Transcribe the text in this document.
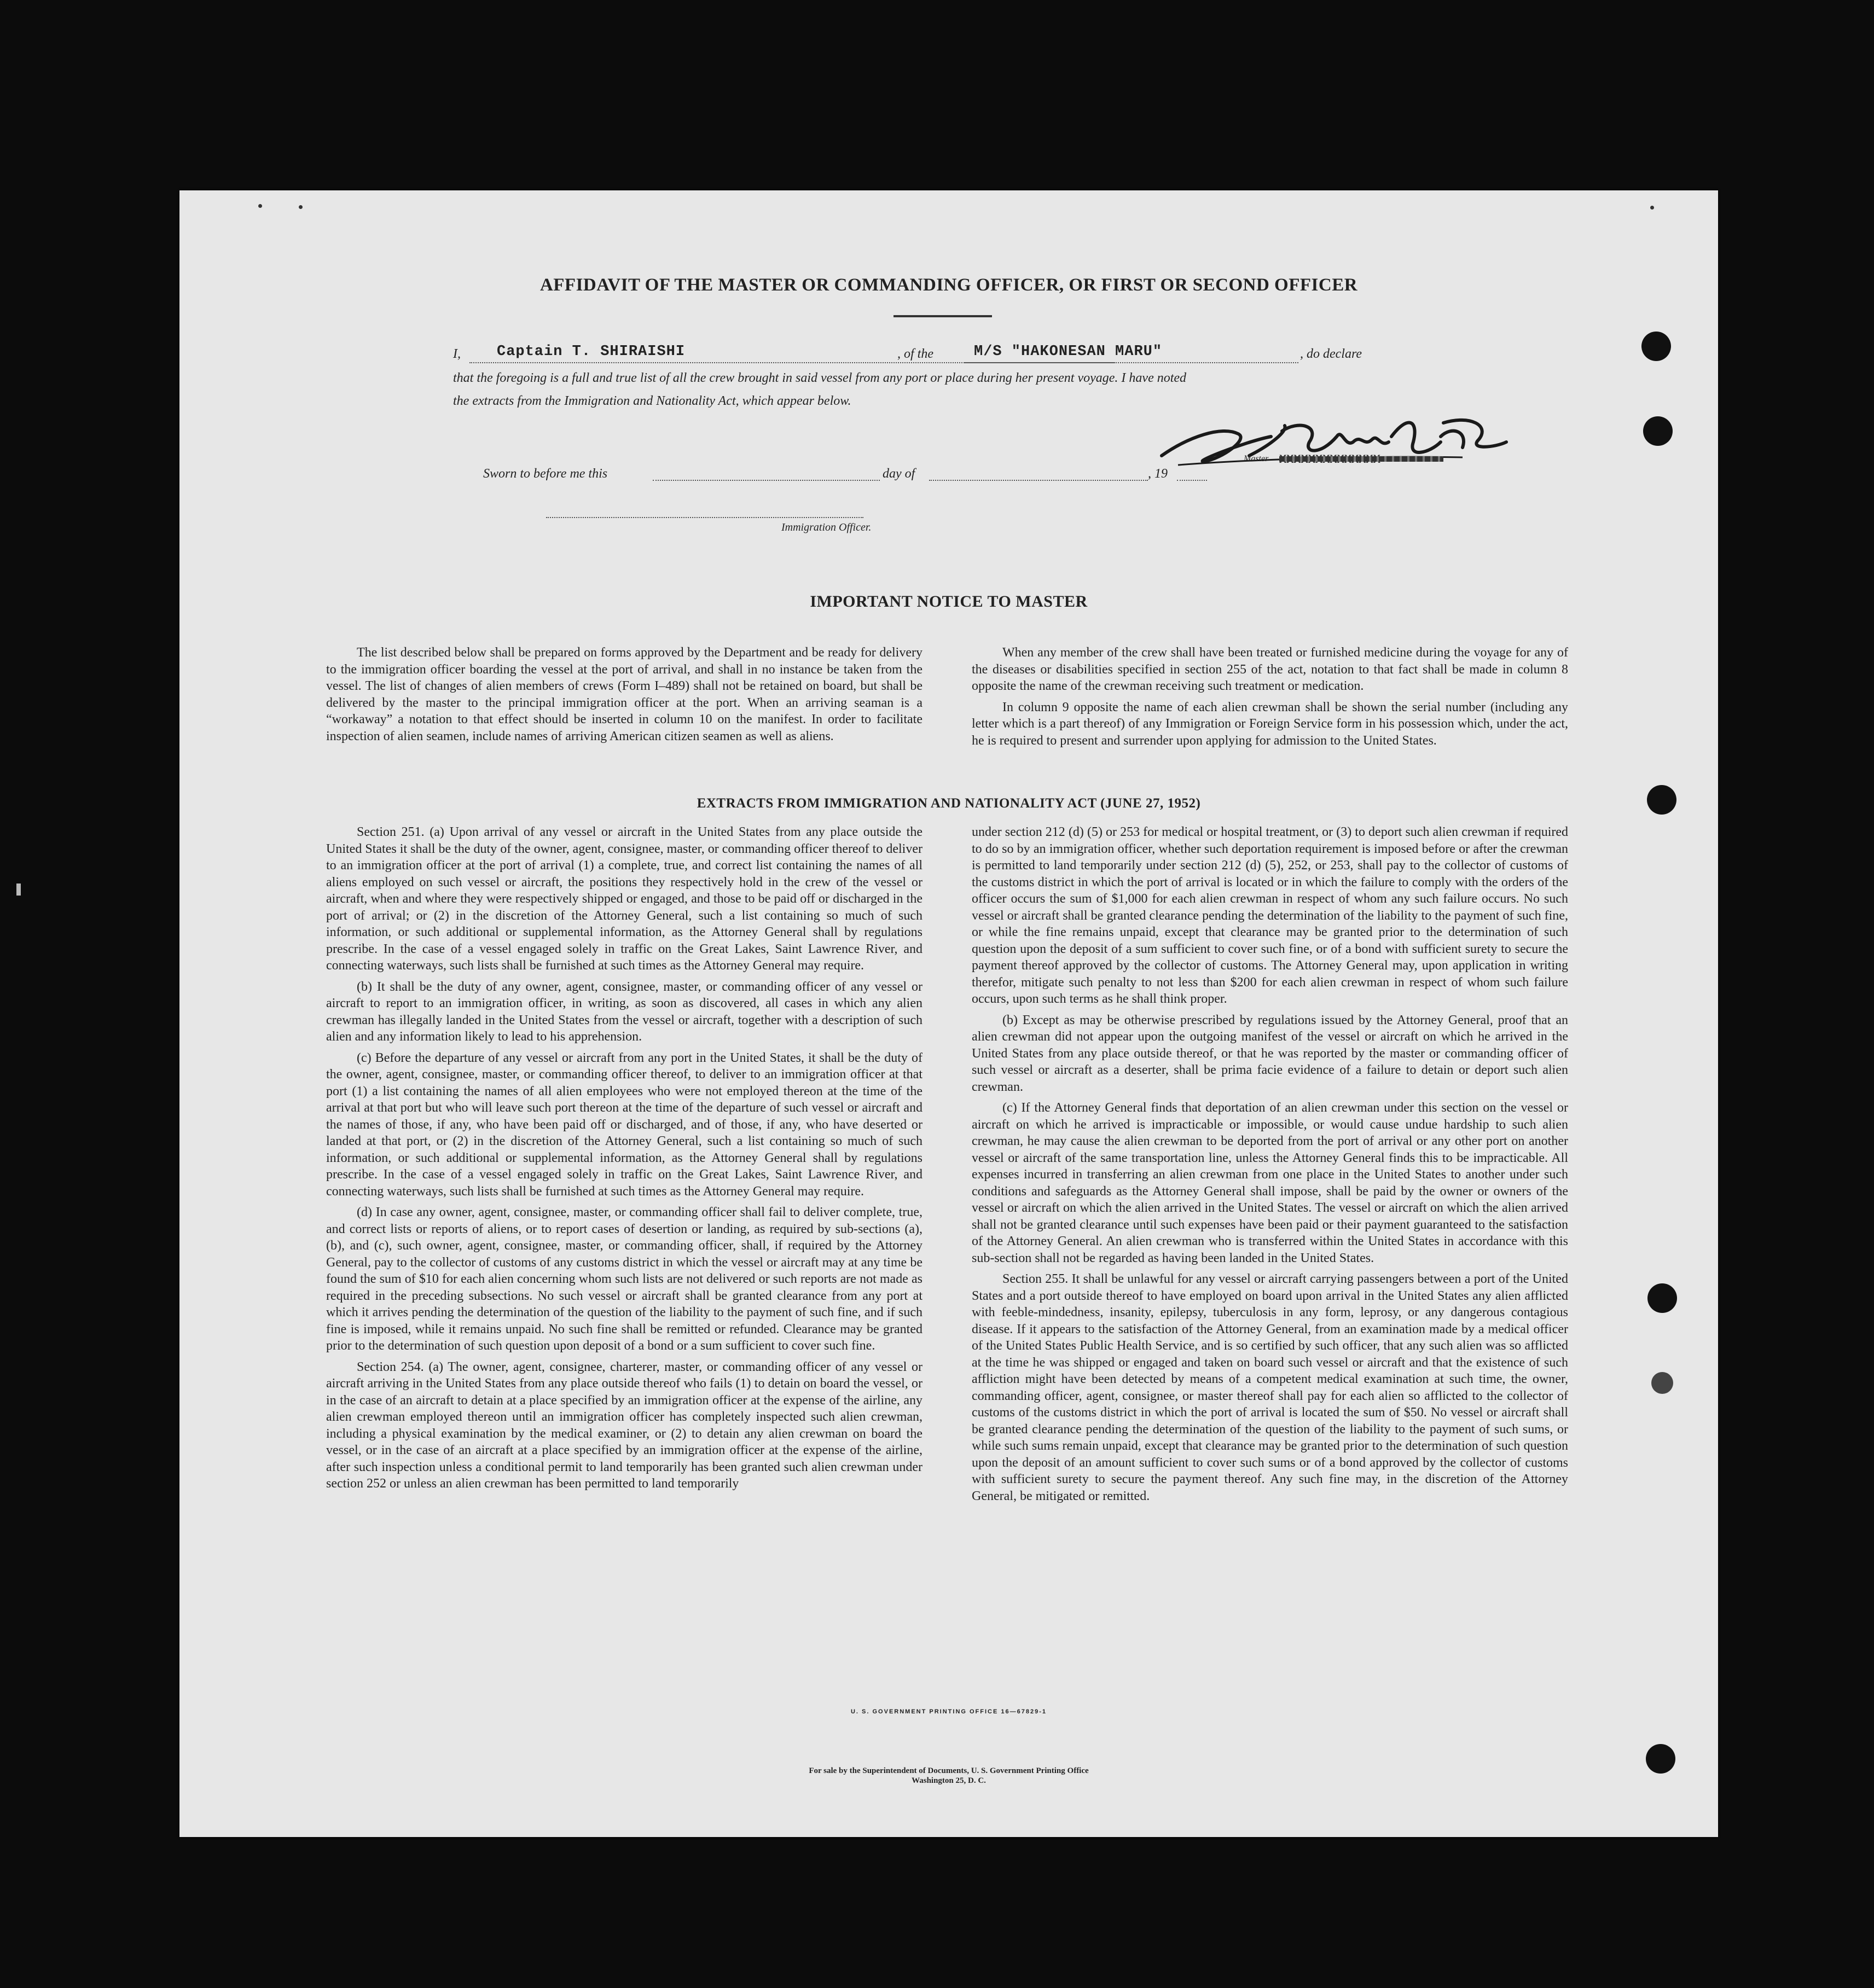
AFFIDAVIT OF THE MASTER OR COMMANDING OFFICER, OR FIRST OR SECOND OFFICER
I, Captain T. SHIRAISHI	, of the	M/S "HAKONESAN MARU"	, do declare
that the foregoing is a full and true list of all the crew brought in said vessel from any port or place during her present voyage. I have noted
the extracts from the Immigration and Nationality Act, which appear below.
Master
Sworn to before me this	day of	, 19
Immigration Officer.
IMPORTANT NOTICE TO MASTER

The list described below shall be prepared on forms approved by the Department and be ready for delivery to the immigration officer boarding the vessel at the port of arrival, and shall in no instance be taken from the vessel. The list of changes of alien members of crews (Form I–489) shall not be retained on board, but shall be delivered by the master to the principal immigration officer at the port. When an arriving seaman is a “workaway” a notation to that effect should be inserted in column 10 on the manifest. In order to facilitate inspection of alien seamen, include names of arriving American citizen seamen as well as aliens.

When any member of the crew shall have been treated or furnished medicine during the voyage for any of the diseases or disabilities specified in section 255 of the act, notation to that fact shall be made in column 8 opposite the name of the crewman receiving such treatment or medication.

In column 9 opposite the name of each alien crewman shall be shown the serial number (including any letter which is a part thereof) of any Immigration or Foreign Service form in his possession which, under the act, he is required to present and surrender upon applying for admission to the United States.

EXTRACTS FROM IMMIGRATION AND NATIONALITY ACT (JUNE 27, 1952)

Section 251. (a) Upon arrival of any vessel or aircraft in the United States from any place outside the United States it shall be the duty of the owner, agent, consignee, master, or commanding officer thereof to deliver to an immigration officer at the port of arrival (1) a complete, true, and correct list containing the names of all aliens employed on such vessel or aircraft, the positions they respectively hold in the crew of the vessel or aircraft, when and where they were respectively shipped or engaged, and those to be paid off or discharged in the port of arrival; or (2) in the discretion of the Attorney General, such a list containing so much of such information, or such additional or supplemental information, as the Attorney General shall by regulations prescribe. In the case of a vessel engaged solely in traffic on the Great Lakes, Saint Lawrence River, and connecting waterways, such lists shall be furnished at such times as the Attorney General may require.

(b) It shall be the duty of any owner, agent, consignee, master, or commanding officer of any vessel or aircraft to report to an immigration officer, in writing, as soon as discovered, all cases in which any alien crewman has illegally landed in the United States from the vessel or aircraft, together with a description of such alien and any information likely to lead to his apprehension.

(c) Before the departure of any vessel or aircraft from any port in the United States, it shall be the duty of the owner, agent, consignee, master, or commanding officer thereof, to deliver to an immigration officer at that port (1) a list containing the names of all alien employees who were not employed thereon at the time of the arrival at that port but who will leave such port thereon at the time of the departure of such vessel or aircraft and the names of those, if any, who have been paid off or discharged, and of those, if any, who have deserted or landed at that port, or (2) in the discretion of the Attorney General, such a list containing so much of such information, or such additional or supplemental information, as the Attorney General shall by regulations prescribe. In the case of a vessel engaged solely in traffic on the Great Lakes, Saint Lawrence River, and connecting waterways, such lists shall be furnished at such times as the Attorney General may require.

(d) In case any owner, agent, consignee, master, or commanding officer shall fail to deliver complete, true, and correct lists or reports of aliens, or to report cases of desertion or landing, as required by sub-sections (a), (b), and (c), such owner, agent, consignee, master, or commanding officer, shall, if required by the Attorney General, pay to the collector of customs of any customs district in which the vessel or aircraft may at any time be found the sum of $10 for each alien concerning whom such lists are not delivered or such reports are not made as required in the preceding subsections. No such vessel or aircraft shall be granted clearance from any port at which it arrives pending the determination of the question of the liability to the payment of such fine, and if such fine is imposed, while it remains unpaid. No such fine shall be remitted or refunded. Clearance may be granted prior to the determination of such question upon deposit of a bond or a sum sufficient to cover such fine.

Section 254. (a) The owner, agent, consignee, charterer, master, or commanding officer of any vessel or aircraft arriving in the United States from any place outside thereof who fails (1) to detain on board the vessel, or in the case of an aircraft to detain at a place specified by an immigration officer at the expense of the airline, any alien crewman employed thereon until an immigration officer has completely inspected such alien crewman, including a physical examination by the medical examiner, or (2) to detain any alien crewman on board the vessel, or in the case of an aircraft at a place specified by an immigration officer at the expense of the airline, after such inspection unless a conditional permit to land temporarily has been granted such alien crewman under section 252 or unless an alien crewman has been permitted to land temporarily

under section 212 (d) (5) or 253 for medical or hospital treatment, or (3) to deport such alien crewman if required to do so by an immigration officer, whether such deportation requirement is imposed before or after the crewman is permitted to land temporarily under section 212 (d) (5), 252, or 253, shall pay to the collector of customs of the customs district in which the port of arrival is located or in which the failure to comply with the orders of the officer occurs the sum of $1,000 for each alien crewman in respect of whom any such failure occurs. No such vessel or aircraft shall be granted clearance pending the determination of the liability to the payment of such fine, or while the fine remains unpaid, except that clearance may be granted prior to the determination of such question upon the deposit of a sum sufficient to cover such fine, or of a bond with sufficient surety to secure the payment thereof approved by the collector of customs. The Attorney General may, upon application in writing therefor, mitigate such penalty to not less than $200 for each alien crewman in respect of whom such failure occurs, upon such terms as he shall think proper.

(b) Except as may be otherwise prescribed by regulations issued by the Attorney General, proof that an alien crewman did not appear upon the outgoing manifest of the vessel or aircraft on which he arrived in the United States from any place outside thereof, or that he was reported by the master or commanding officer of such vessel or aircraft as a deserter, shall be prima facie evidence of a failure to detain or deport such alien crewman.

(c) If the Attorney General finds that deportation of an alien crewman under this section on the vessel or aircraft on which he arrived is impracticable or impossible, or would cause undue hardship to such alien crewman, he may cause the alien crewman to be deported from the port of arrival or any other port on another vessel or aircraft of the same transportation line, unless the Attorney General finds this to be impracticable. All expenses incurred in transferring an alien crewman from one place in the United States to another under such conditions and safeguards as the Attorney General shall impose, shall be paid by the owner or owners of the vessel or aircraft on which the alien arrived in the United States. The vessel or aircraft on which the alien arrived shall not be granted clearance until such expenses have been paid or their payment guaranteed to the satisfaction of the Attorney General. An alien crewman who is transferred within the United States in accordance with this sub-section shall not be regarded as having been landed in the United States.

Section 255. It shall be unlawful for any vessel or aircraft carrying passengers between a port of the United States and a port outside thereof to have employed on board upon arrival in the United States any alien afflicted with feeble-mindedness, insanity, epilepsy, tuberculosis in any form, leprosy, or any dangerous contagious disease. If it appears to the satisfaction of the Attorney General, from an examination made by a medical officer of the United States Public Health Service, and is so certified by such officer, that any such alien was so afflicted at the time he was shipped or engaged and taken on board such vessel or aircraft and that the existence of such affliction might have been detected by means of a competent medical examination at such time, the owner, commanding officer, agent, consignee, or master thereof shall pay for each alien so afflicted to the collector of customs of the customs district in which the port of arrival is located the sum of $50. No vessel or aircraft shall be granted clearance pending the determination of the question of the liability to the payment of such sums, or while such sums remain unpaid, except that clearance may be granted prior to the determination of such question upon the deposit of an amount sufficient to cover such sums or of a bond approved by the collector of customs with sufficient surety to secure the payment thereof. Any such fine may, in the discretion of the Attorney General, be mitigated or remitted.

U. S. GOVERNMENT PRINTING OFFICE 16—67829-1
For sale by the Superintendent of Documents, U. S. Government Printing Office
Washington 25, D. C.
